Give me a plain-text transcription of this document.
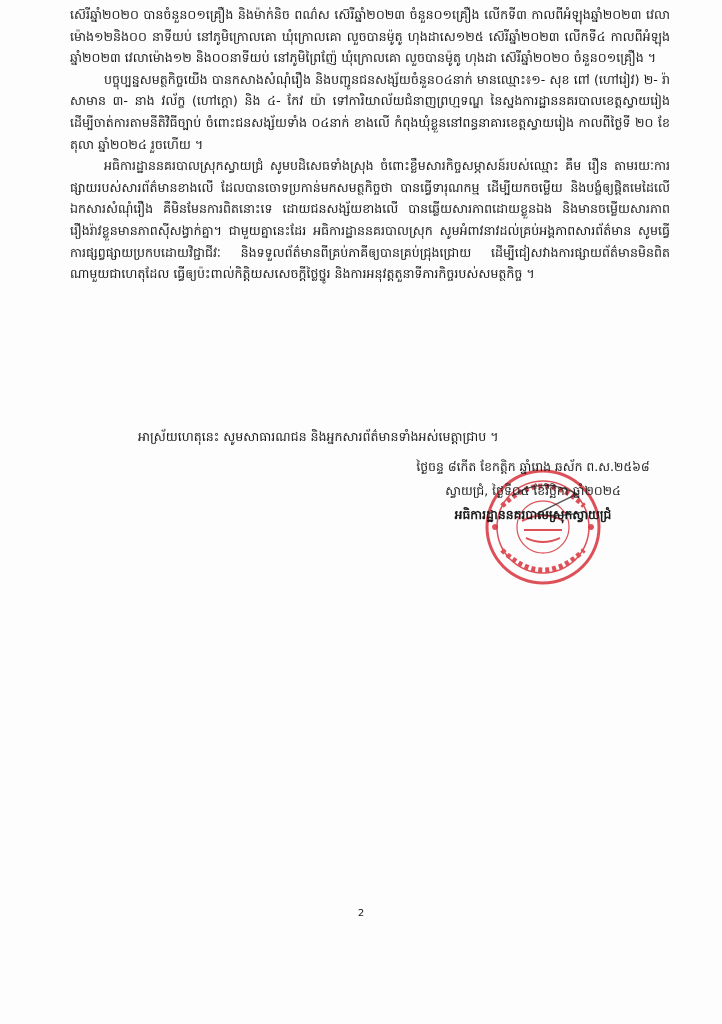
ស៊េរីឆ្នាំ២០២០ បានចំនួន០១គ្រឿង និងម៉ាក់និច ពណ៌ស ស៊េរីឆ្នាំ២០២៣ ចំនួន០១គ្រឿង លើកទី៣ កាលពីអំឡុងឆ្នាំ២០២៣ វេលាម៉ោង១២និង០០ នាទីយប់ នៅភូមិក្រោលគោ ឃុំក្រោលគោ លួចបានម៉ូតូ ហុងដាសេ១២៥ ស៊េរីឆ្នាំ២០២៣ លើកទី៤ កាលពីអំឡុងឆ្នាំ២០២៣ វេលាម៉ោង១២ និង០០នាទីយប់ នៅភូមិព្រៃញ៉ែ ឃុំក្រោលគោ លួចបានម៉ូតូ ហុងដា ស៊េរីឆ្នាំ២០២០ ចំនួន០១គ្រឿង ។

បច្ចុប្បន្នសមត្ថកិច្ចយើង បានកសាងសំណុំរឿង និងបញ្ជូនជនសង្ស័យចំនួន០៤នាក់ មានឈ្មោះ៖១- សុខ ពៅ (ហៅរៀវ) ២- រ៉ា សាមាន ៣- នាង វល័ក្ខ (ហៅក្តោ) និង ៤- កែវ យ៉ា ទៅការិយាល័យជំនាញព្រហ្មទណ្ឌ នៃស្នងការដ្ឋាននគរបាលខេត្តស្វាយរៀង ដើម្បីចាត់ការតាមនីតិវិធីច្បាប់ ចំពោះជនសង្ស័យទាំង ០៤នាក់ ខាងលើ កំពុងឃុំខ្លួននៅពន្ធនាគារខេត្តស្វាយរៀង កាលពីថ្ងៃទី ២០ ខែតុលា ឆ្នាំ២០២៤ រួចហើយ ។

អធិការដ្ឋាននគរបាលស្រុកស្វាយជ្រំ សូមបដិសេធទាំងស្រុង ចំពោះខ្លឹមសារកិច្ចសម្ភាសន៍របស់ឈ្មោះ គឹម រឿន តាមរយៈការផ្សាយរបស់សារព័ត៌មានខាងលើ ដែលបានចោទប្រកាន់មកសមត្ថកិច្ចថា បានធ្វើទារុណកម្ម ដើម្បីយកចម្លើយ និងបង្ខំឲ្យផ្តិតមេដៃលើឯកសារសំណុំរឿង គឺមិនមែនការពិតនោះទេ ដោយជនសង្ស័យខាងលើ បានឆ្លើយសារភាពដោយខ្លួនឯង និងមានចម្លើយសារភាពរឿងរ៉ាវខ្លួនមានភាពស៊ីសង្វាក់គ្នា។ ជាមួយគ្នានេះដែរ អធិការដ្ឋាននគរបាលស្រុក សូមអំពាវនាវដល់គ្រប់អង្គភាពសារព័ត៌មាន សូមធ្វើការផ្សព្វផ្សាយប្រកបដោយវិជ្ជាជីវៈ និងទទួលព័ត៌មានពីគ្រប់ភាគីឲ្យបានគ្រប់ជ្រុងជ្រោយ ដើម្បីជៀសវាងការផ្សាយព័ត៌មានមិនពិតណាមួយជាហេតុដែល ធ្វើឲ្យប៉ះពាល់កិត្តិយសសេចក្តីថ្លៃថ្នូរ និងការអនុវត្តតួនាទីភារកិច្ចរបស់សមត្ថកិច្ច ។

អាស្រ័យហេតុនេះ សូមសាធារណជន និងអ្នកសារព័ត៌មានទាំងអស់មេត្តាជ្រាប ។
ថ្ងៃចន្ទ ៨កើត ខែកត្តិក ឆ្នាំរោង ឆស័ក ព.ស.២៥៦៨
ស្វាយជ្រំ, ថ្ងៃទី០៤ ខែវិច្ឆិកា ឆ្នាំ២០២៤
អធិការដ្ឋាននគរបាលស្រុកស្វាយជ្រំ
2
